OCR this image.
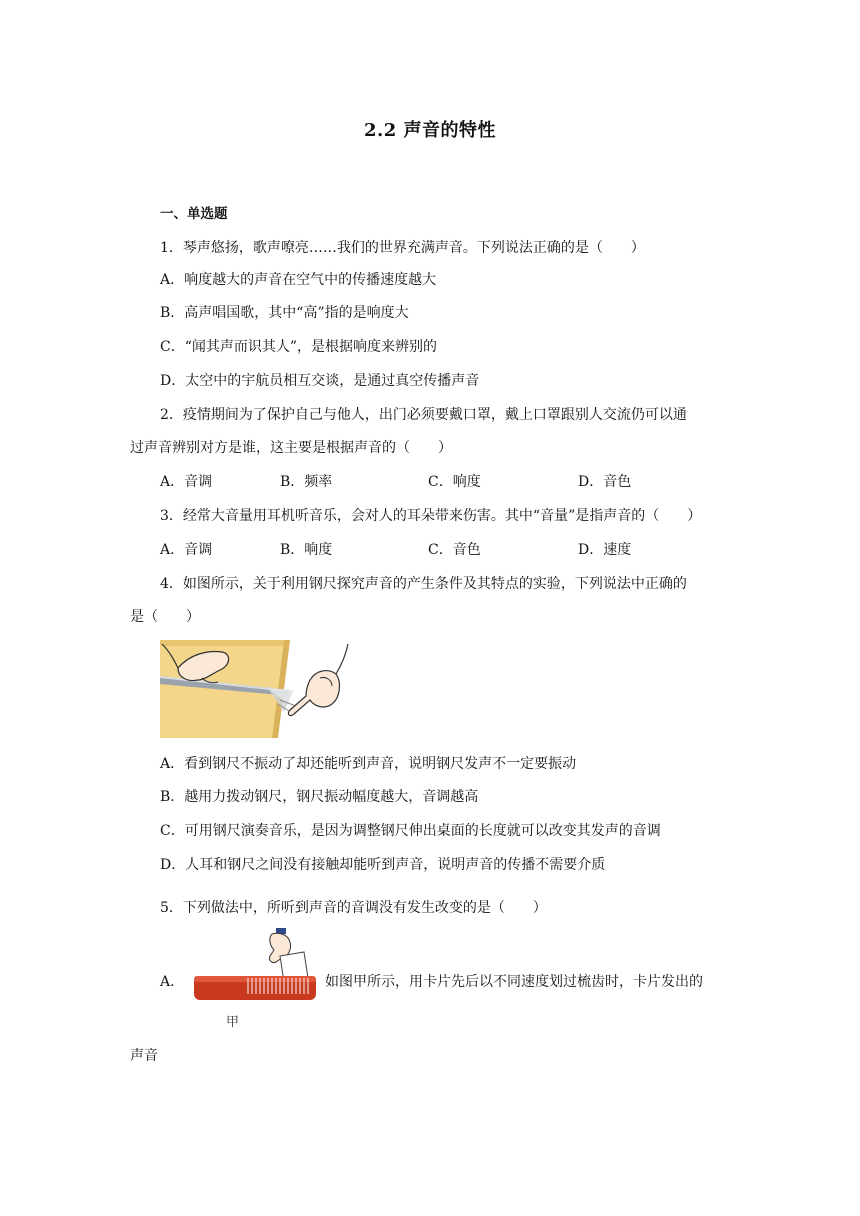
2.2 声音的特性
一、单选题
1．琴声悠扬，歌声嘹亮……我们的世界充满声音。下列说法正确的是（　　）
A．响度越大的声音在空气中的传播速度越大
B．高声唱国歌，其中“高”指的是响度大
C．“闻其声而识其人”，是根据响度来辨别的
D．太空中的宇航员相互交谈，是通过真空传播声音
2．疫情期间为了保护自己与他人，出门必须要戴口罩，戴上口罩跟别人交流仍可以通
过声音辨别对方是谁，这主要是根据声音的（　　）
A．音调	B．频率	C．响度	D．音色
3．经常大音量用耳机听音乐，会对人的耳朵带来伤害。其中“音量”是指声音的（　　）
A．音调	B．响度	C．音色	D．速度
4．如图所示，关于利用钢尺探究声音的产生条件及其特点的实验，下列说法中正确的
是（　　）
A．看到钢尺不振动了却还能听到声音，说明钢尺发声不一定要振动
B．越用力拨动钢尺，钢尺振动幅度越大，音调越高
C．可用钢尺演奏音乐，是因为调整钢尺伸出桌面的长度就可以改变其发声的音调
D．人耳和钢尺之间没有接触却能听到声音，说明声音的传播不需要介质
5．下列做法中，所听到声音的音调没有发生改变的是（　　）
A．
甲
如图甲所示，用卡片先后以不同速度划过梳齿时，卡片发出的
声音
